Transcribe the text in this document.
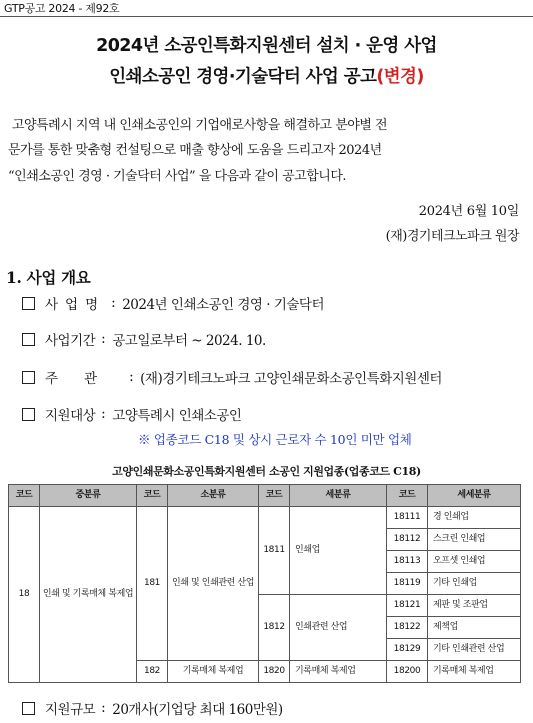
GTP공고 2024 - 제92호
2024년 소공인특화지원센터 설치 · 운영 사업
인쇄소공인 경영·기술닥터 사업 공고(변경)
고양특례시 지역 내 인쇄소공인의 기업애로사항을 해결하고 분야별 전
문가를 통한 맞춤형 컨설팅으로 매출 향상에 도움을 드리고자 2024년
“인쇄소공인 경영 · 기술닥터 사업” 을 다음과 같이 공고합니다.
2024년 6월 10일
(재)경기테크노파크 원장
1. 사업 개요
사업명 : 2024년 인쇄소공인 경영 · 기술닥터
사업기간 : 공고일로부터 ~ 2024. 10.
주관 : (재)경기테크노파크 고양인쇄문화소공인특화지원센터
지원대상 : 고양특례시 인쇄소공인
※ 업종코드 C18 및 상시 근로자 수 10인 미만 업체
고양인쇄문화소공인특화지원센터 소공인 지원업종(업종코드 C18)
코드	중분류	코드	소분류	코드	세분류	코드	세세분류
18	인쇄 및 기록매체 복제업	181	인쇄 및 인쇄관련 산업	1811	인쇄업	18111	경 인쇄업
						18112	스크린 인쇄업
						18113	오프셋 인쇄업
						18119	기타 인쇄업
				1812	인쇄관련 산업	18121	제판 및 조판업
						18122	제책업
						18129	기타 인쇄관련 산업
		182	기록매체 복제업	1820	기록매체 복제업	18200	기록매체 복제업
지원규모 : 20개사(기업당 최대 160만원)
